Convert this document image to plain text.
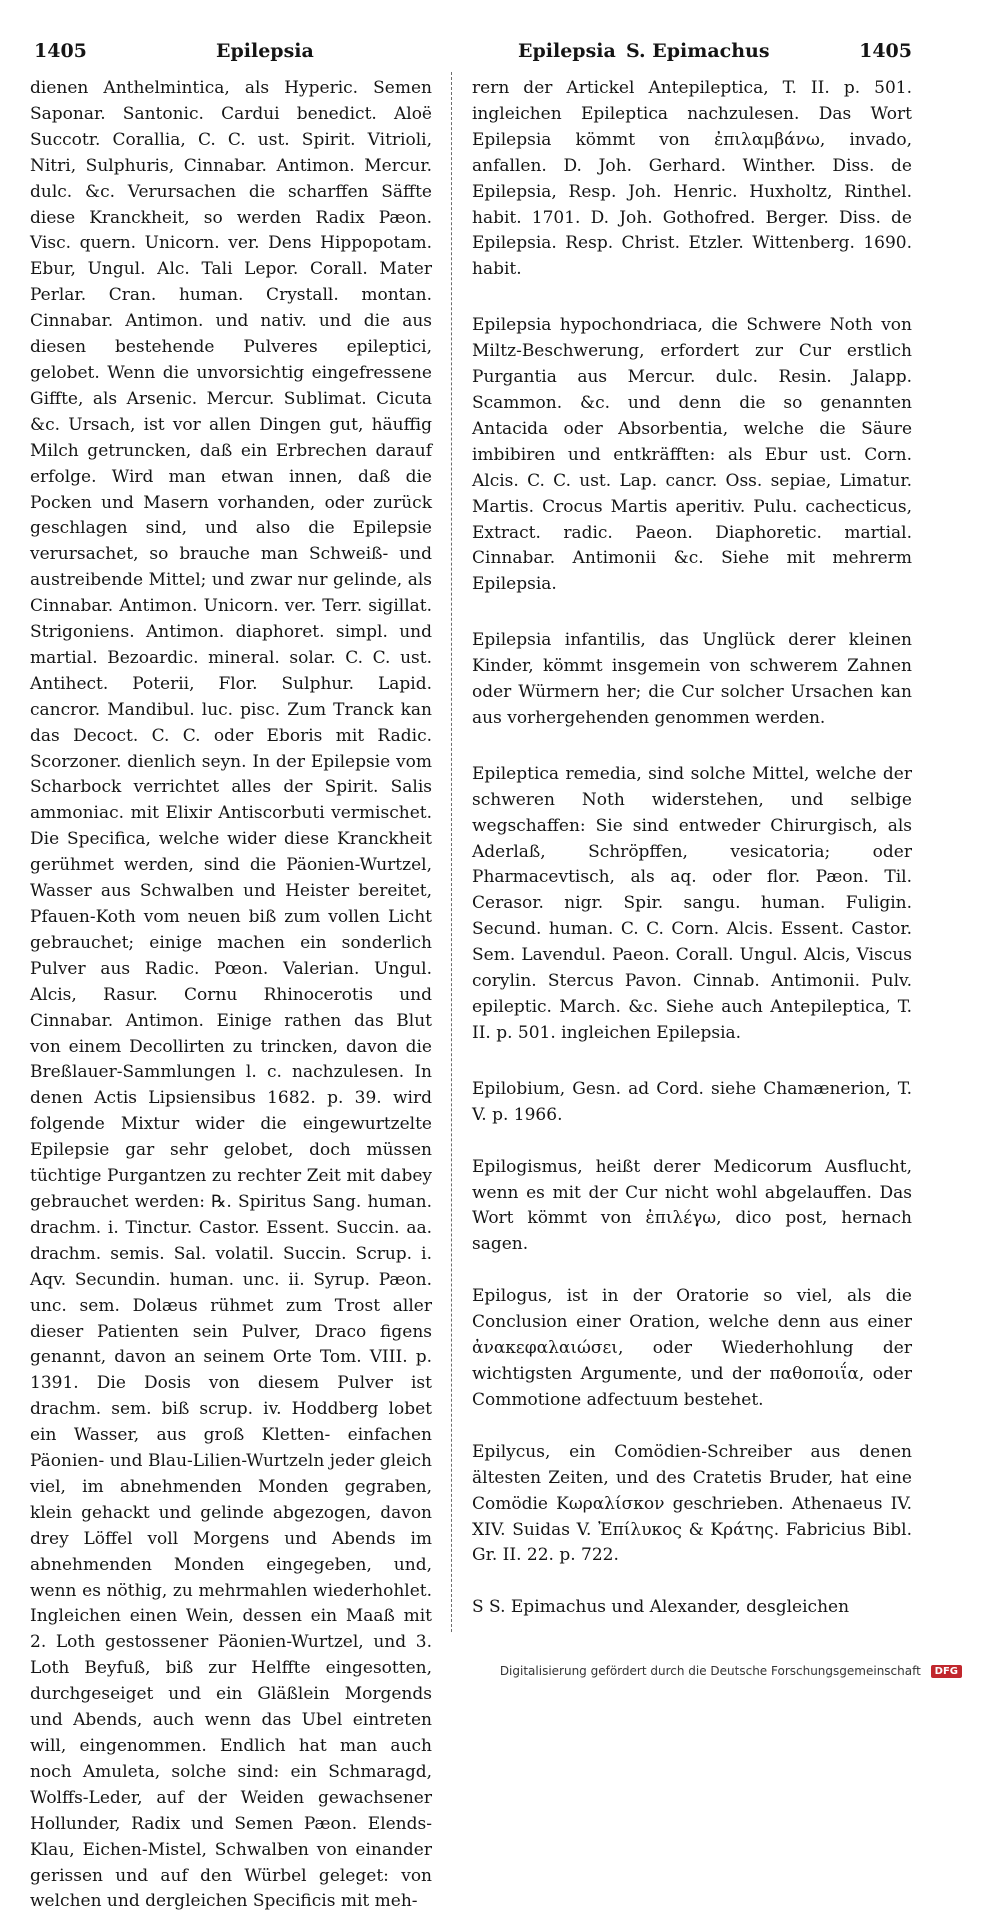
1405	Epilepsia	Epilepsia S. Epimachus	1405

dienen Anthelmintica, als Hyperic. Semen Saponar. Santonic. Cardui benedict. Aloë Succotr. Corallia, C. C. ust. Spirit. Vitrioli, Nitri, Sulphuris, Cinnabar. Antimon. Mercur. dulc. &c. Verursachen die scharffen Säffte diese Kranckheit, so werden Radix Pæon. Visc. quern. Unicorn. ver. Dens Hippopotam. Ebur, Ungul. Alc. Tali Lepor. Corall. Mater Perlar. Cran. human. Crystall. montan. Cinnabar. Antimon. und nativ. und die aus diesen bestehende Pulveres epileptici, gelobet. Wenn die unvorsichtig eingefressene Giffte, als Arsenic. Mercur. Sublimat. Cicuta &c. Ursach, ist vor allen Dingen gut, häuffig Milch getruncken, daß ein Erbrechen darauf erfolge. Wird man etwan innen, daß die Pocken und Masern vorhanden, oder zurück geschlagen sind, und also die Epilepsie verursachet, so brauche man Schweiß- und austreibende Mittel; und zwar nur gelinde, als Cinnabar. Antimon. Unicorn. ver. Terr. sigillat. Strigoniens. Antimon. diaphoret. simpl. und martial. Bezoardic. mineral. solar. C. C. ust. Antihect. Poterii, Flor. Sulphur. Lapid. cancror. Mandibul. luc. pisc. Zum Tranck kan das Decoct. C. C. oder Eboris mit Radic. Scorzoner. dienlich seyn. In der Epilepsie vom Scharbock verrichtet alles der Spirit. Salis ammoniac. mit Elixir Antiscorbuti vermischet. Die Specifica, welche wider diese Kranckheit gerühmet werden, sind die Päonien-Wurtzel, Wasser aus Schwalben und Heister bereitet, Pfauen-Koth vom neuen biß zum vollen Licht gebrauchet; einige machen ein sonderlich Pulver aus Radic. Pœon. Valerian. Ungul. Alcis, Rasur. Cornu Rhinocerotis und Cinnabar. Antimon. Einige rathen das Blut von einem Decollirten zu trincken, davon die Breßlauer-Sammlungen l. c. nachzulesen. In denen Actis Lipsiensibus 1682. p. 39. wird folgende Mixtur wider die eingewurtzelte Epilepsie gar sehr gelobet, doch müssen tüchtige Purgantzen zu rechter Zeit mit dabey gebrauchet werden: ℞. Spiritus Sang. human. drachm. i. Tinctur. Castor. Essent. Succin. aa. drachm. semis. Sal. volatil. Succin. Scrup. i. Aqv. Secundin. human. unc. ii. Syrup. Pæon. unc. sem. Dolæus rühmet zum Trost aller dieser Patienten sein Pulver, Draco figens genannt, davon an seinem Orte Tom. VIII. p. 1391. Die Dosis von diesem Pulver ist drachm. sem. biß scrup. iv. Hoddberg lobet ein Wasser, aus groß Kletten- einfachen Päonien- und Blau-Lilien-Wurtzeln jeder gleich viel, im abnehmenden Monden gegraben, klein gehackt und gelinde abgezogen, davon drey Löffel voll Morgens und Abends im abnehmenden Monden eingegeben, und, wenn es nöthig, zu mehrmahlen wiederhohlet. Ingleichen einen Wein, dessen ein Maaß mit 2. Loth gestossener Päonien-Wurtzel, und 3. Loth Beyfuß, biß zur Helffte eingesotten, durchgeseiget und ein Gläßlein Morgends und Abends, auch wenn das Ubel eintreten will, eingenommen. Endlich hat man auch noch Amuleta, solche sind: ein Schmaragd, Wolffs-Leder, auf der Weiden gewachsener Hollunder, Radix und Semen Pæon. Elends-Klau, Eichen-Mistel, Schwalben von einander gerissen und auf den Würbel geleget: von welchen und dergleichen Specificis mit meh-

rern der Artickel Antepileptica, T. II. p. 501. ingleichen Epileptica nachzulesen. Das Wort Epilepsia kömmt von ἐπιλαμβάνω, invado, anfallen. D. Joh. Gerhard. Winther. Diss. de Epilepsia, Resp. Joh. Henric. Huxholtz, Rinthel. habit. 1701. D. Joh. Gothofred. Berger. Diss. de Epilepsia. Resp. Christ. Etzler. Wittenberg. 1690. habit.

Epilepsia hypochondriaca, die Schwere Noth von Miltz-Beschwerung, erfordert zur Cur erstlich Purgantia aus Mercur. dulc. Resin. Jalapp. Scammon. &c. und denn die so genannten Antacida oder Absorbentia, welche die Säure imbibiren und entkräfften: als Ebur ust. Corn. Alcis. C. C. ust. Lap. cancr. Oss. sepiae, Limatur. Martis. Crocus Martis aperitiv. Pulu. cachecticus, Extract. radic. Paeon. Diaphoretic. martial. Cinnabar. Antimonii &c. Siehe mit mehrerm Epilepsia.

Epilepsia infantilis, das Unglück derer kleinen Kinder, kömmt insgemein von schwerem Zahnen oder Würmern her; die Cur solcher Ursachen kan aus vorhergehenden genommen werden.

Epileptica remedia, sind solche Mittel, welche der schweren Noth widerstehen, und selbige wegschaffen: Sie sind entweder Chirurgisch, als Aderlaß, Schröpffen, vesicatoria; oder Pharmacevtisch, als aq. oder flor. Pæon. Til. Cerasor. nigr. Spir. sangu. human. Fuligin. Secund. human. C. C. Corn. Alcis. Essent. Castor. Sem. Lavendul. Paeon. Corall. Ungul. Alcis, Viscus corylin. Stercus Pavon. Cinnab. Antimonii. Pulv. epileptic. March. &c. Siehe auch Antepileptica, T. II. p. 501. ingleichen Epilepsia.

Epilobium, Gesn. ad Cord. siehe Chamænerion, T. V. p. 1966.

Epilogismus, heißt derer Medicorum Ausflucht, wenn es mit der Cur nicht wohl abgelauffen. Das Wort kömmt von ἐπιλέγω, dico post, hernach sagen.

Epilogus, ist in der Oratorie so viel, als die Conclusion einer Oration, welche denn aus einer ἀνακεφαλαιώσει, oder Wiederhohlung der wichtigsten Argumente, und der παθοποιΐα, oder Commotione adfectuum bestehet.

Epilycus, ein Comödien-Schreiber aus denen ältesten Zeiten, und des Cratetis Bruder, hat eine Comödie Κωραλίσκον geschrieben. Athenaeus IV. XIV. Suidas V. Ἐπίλυκος & Κράτης. Fabricius Bibl. Gr. II. 22. p. 722.

S S. Epimachus und Alexander, desgleichen

Digitalisierung gefördert durch die Deutsche Forschungsgemeinschaft DFG
